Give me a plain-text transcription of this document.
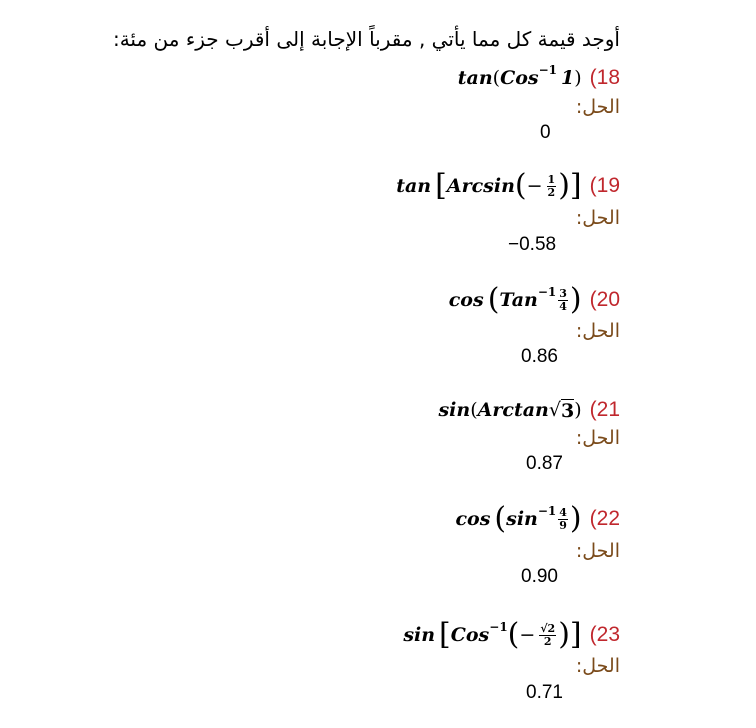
أوجد قيمة كل مما يأتي , مقرباً الإجابة إلى أقرب جزء من مئة:
tan ( Cos −1 1 ) (18
الحل:
0
tan [ Arcsin ( − $\frac{1}{2}$ ) ] (19
الحل:
−0.58
cos ( Tan $-1 \frac{3}{4}$ ) (20
الحل:
0.86
sin ( Arctan √ 3 ) (21
الحل:
0.87
cos ( $\sin -1 \frac{4}{9}$ ) (22
الحل:
0.90
sin [ Cos −1 ( − $\frac{√2}{2}$ ) ] (23
الحل:
0.71
